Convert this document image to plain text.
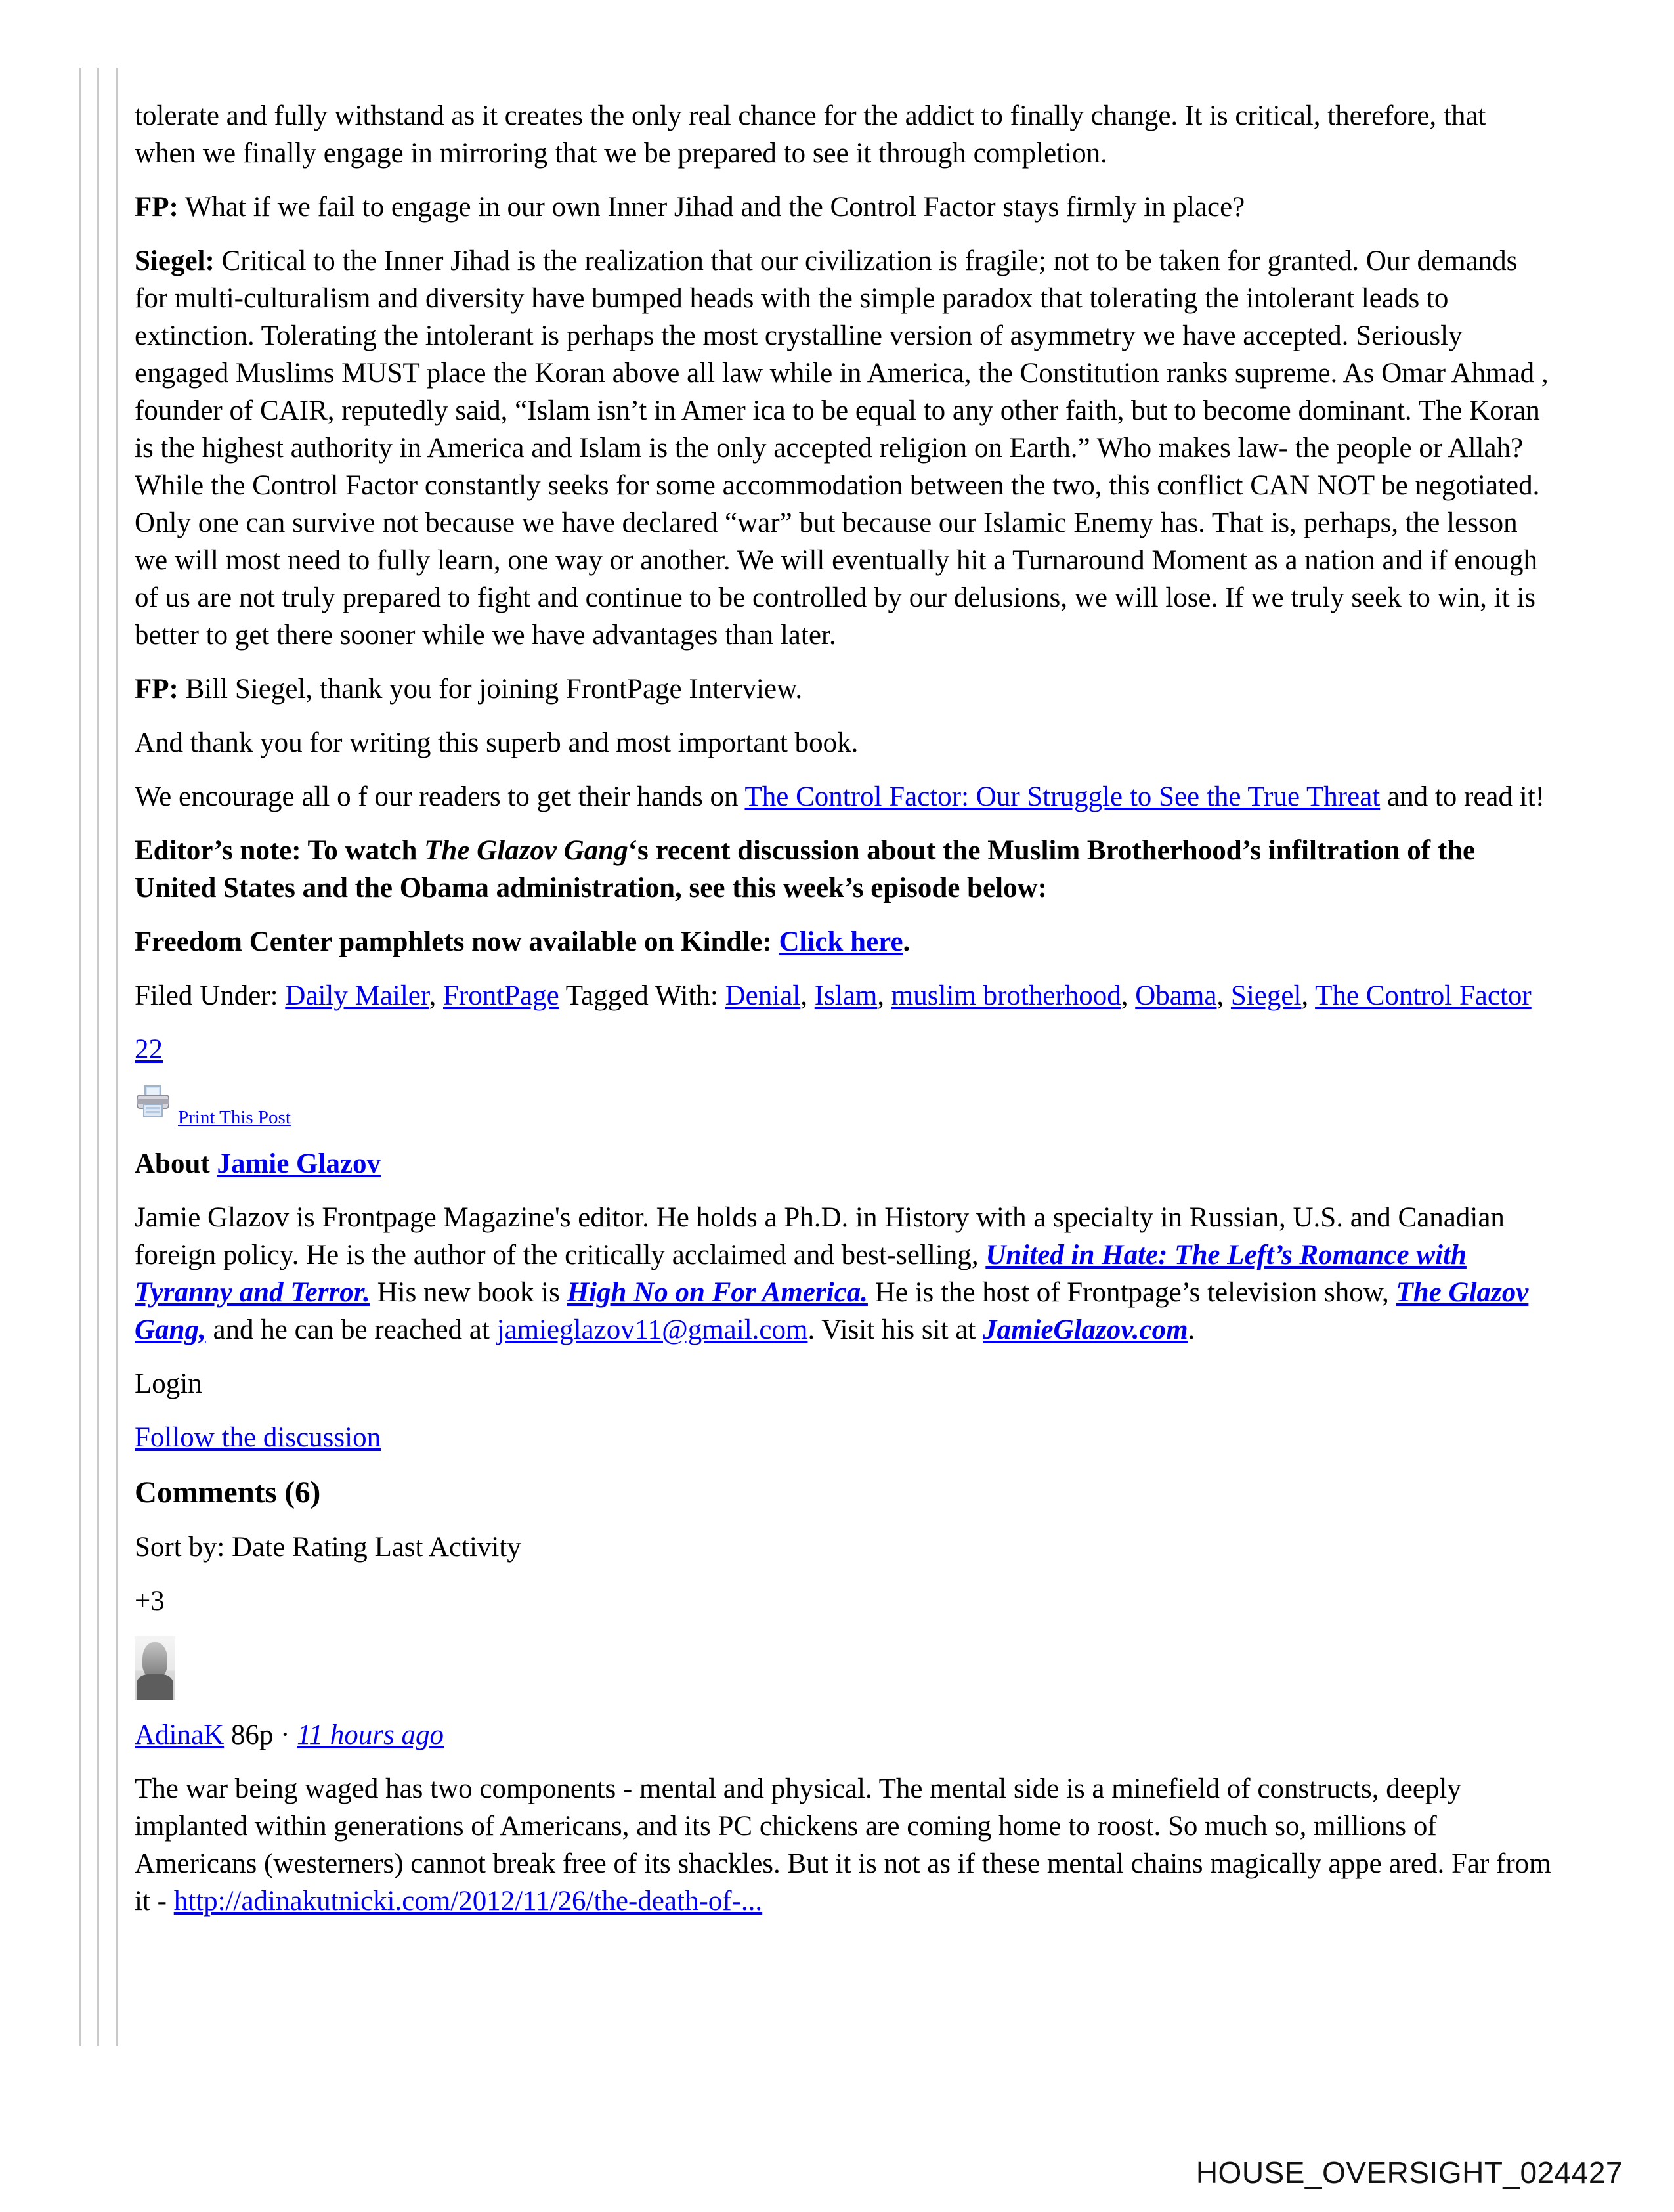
tolerate and fully withstand as it creates the only real chance for the addict to finally change. It is critical, therefore, that when we finally engage in mirroring that we be prepared to see it through completion.

FP: What if we fail to engage in our own Inner Jihad and the Control Factor stays firmly in place?

Siegel: Critical to the Inner Jihad is the realization that our civilization is fragile; not to be taken for granted. Our demands for multi-culturalism and diversity have bumped heads with the simple paradox that tolerating the intolerant leads to extinction. Tolerating the intolerant is perhaps the most crystalline version of asymmetry we have accepted. Seriously engaged Muslims MUST place the Koran above all law while in America, the Constitution ranks supreme. As Omar Ahmad , founder of CAIR, reputedly said, “Islam isn’t in Amer ica to be equal to any other faith, but to become dominant. The Koran is the highest authority in America and Islam is the only accepted religion on Earth.” Who makes law- the people or Allah? While the Control Factor constantly seeks for some accommodation between the two, this conflict CAN NOT be negotiated. Only one can survive not because we have declared “war” but because our Islamic Enemy has. That is, perhaps, the lesson we will most need to fully learn, one way or another. We will eventually hit a Turnaround Moment as a nation and if enough of us are not truly prepared to fight and continue to be controlled by our delusions, we will lose. If we truly seek to win, it is better to get there sooner while we have advantages than later.

FP: Bill Siegel, thank you for joining FrontPage Interview.

And thank you for writing this superb and most important book.

We encourage all o f our readers to get their hands on The Control Factor: Our Struggle to See the True Threat and to read it!

Editor’s note: To watch The Glazov Gang‘s recent discussion about the Muslim Brotherhood’s infiltration of the United States and the Obama administration, see this week’s episode below:

Freedom Center pamphlets now available on Kindle: Click here.

Filed Under: Daily Mailer, FrontPage Tagged With: Denial, Islam, muslim brotherhood, Obama, Siegel, The Control Factor

22

Print This Post

About Jamie Glazov

Jamie Glazov is Frontpage Magazine's editor. He holds a Ph.D. in History with a specialty in Russian, U.S. and Canadian foreign policy. He is the author of the critically acclaimed and best-selling, United in Hate: The Left’s Romance with Tyranny and Terror. His new book is High No on For America. He is the host of Frontpage’s television show, The Glazov Gang, and he can be reached at jamieglazov11@gmail.com. Visit his sit at JamieGlazov.com.

Login

Follow the discussion

Comments (6)

Sort by: Date Rating Last Activity

+3

AdinaK 86p · 11 hours ago

The war being waged has two components - mental and physical. The mental side is a minefield of constructs, deeply implanted within generations of Americans, and its PC chickens are coming home to roost. So much so, millions of Americans (westerners) cannot break free of its shackles. But it is not as if these mental chains magically appe ared. Far from it - http://adinakutnicki.com/2012/11/26/the-death-of-...

HOUSE_OVERSIGHT_024427
